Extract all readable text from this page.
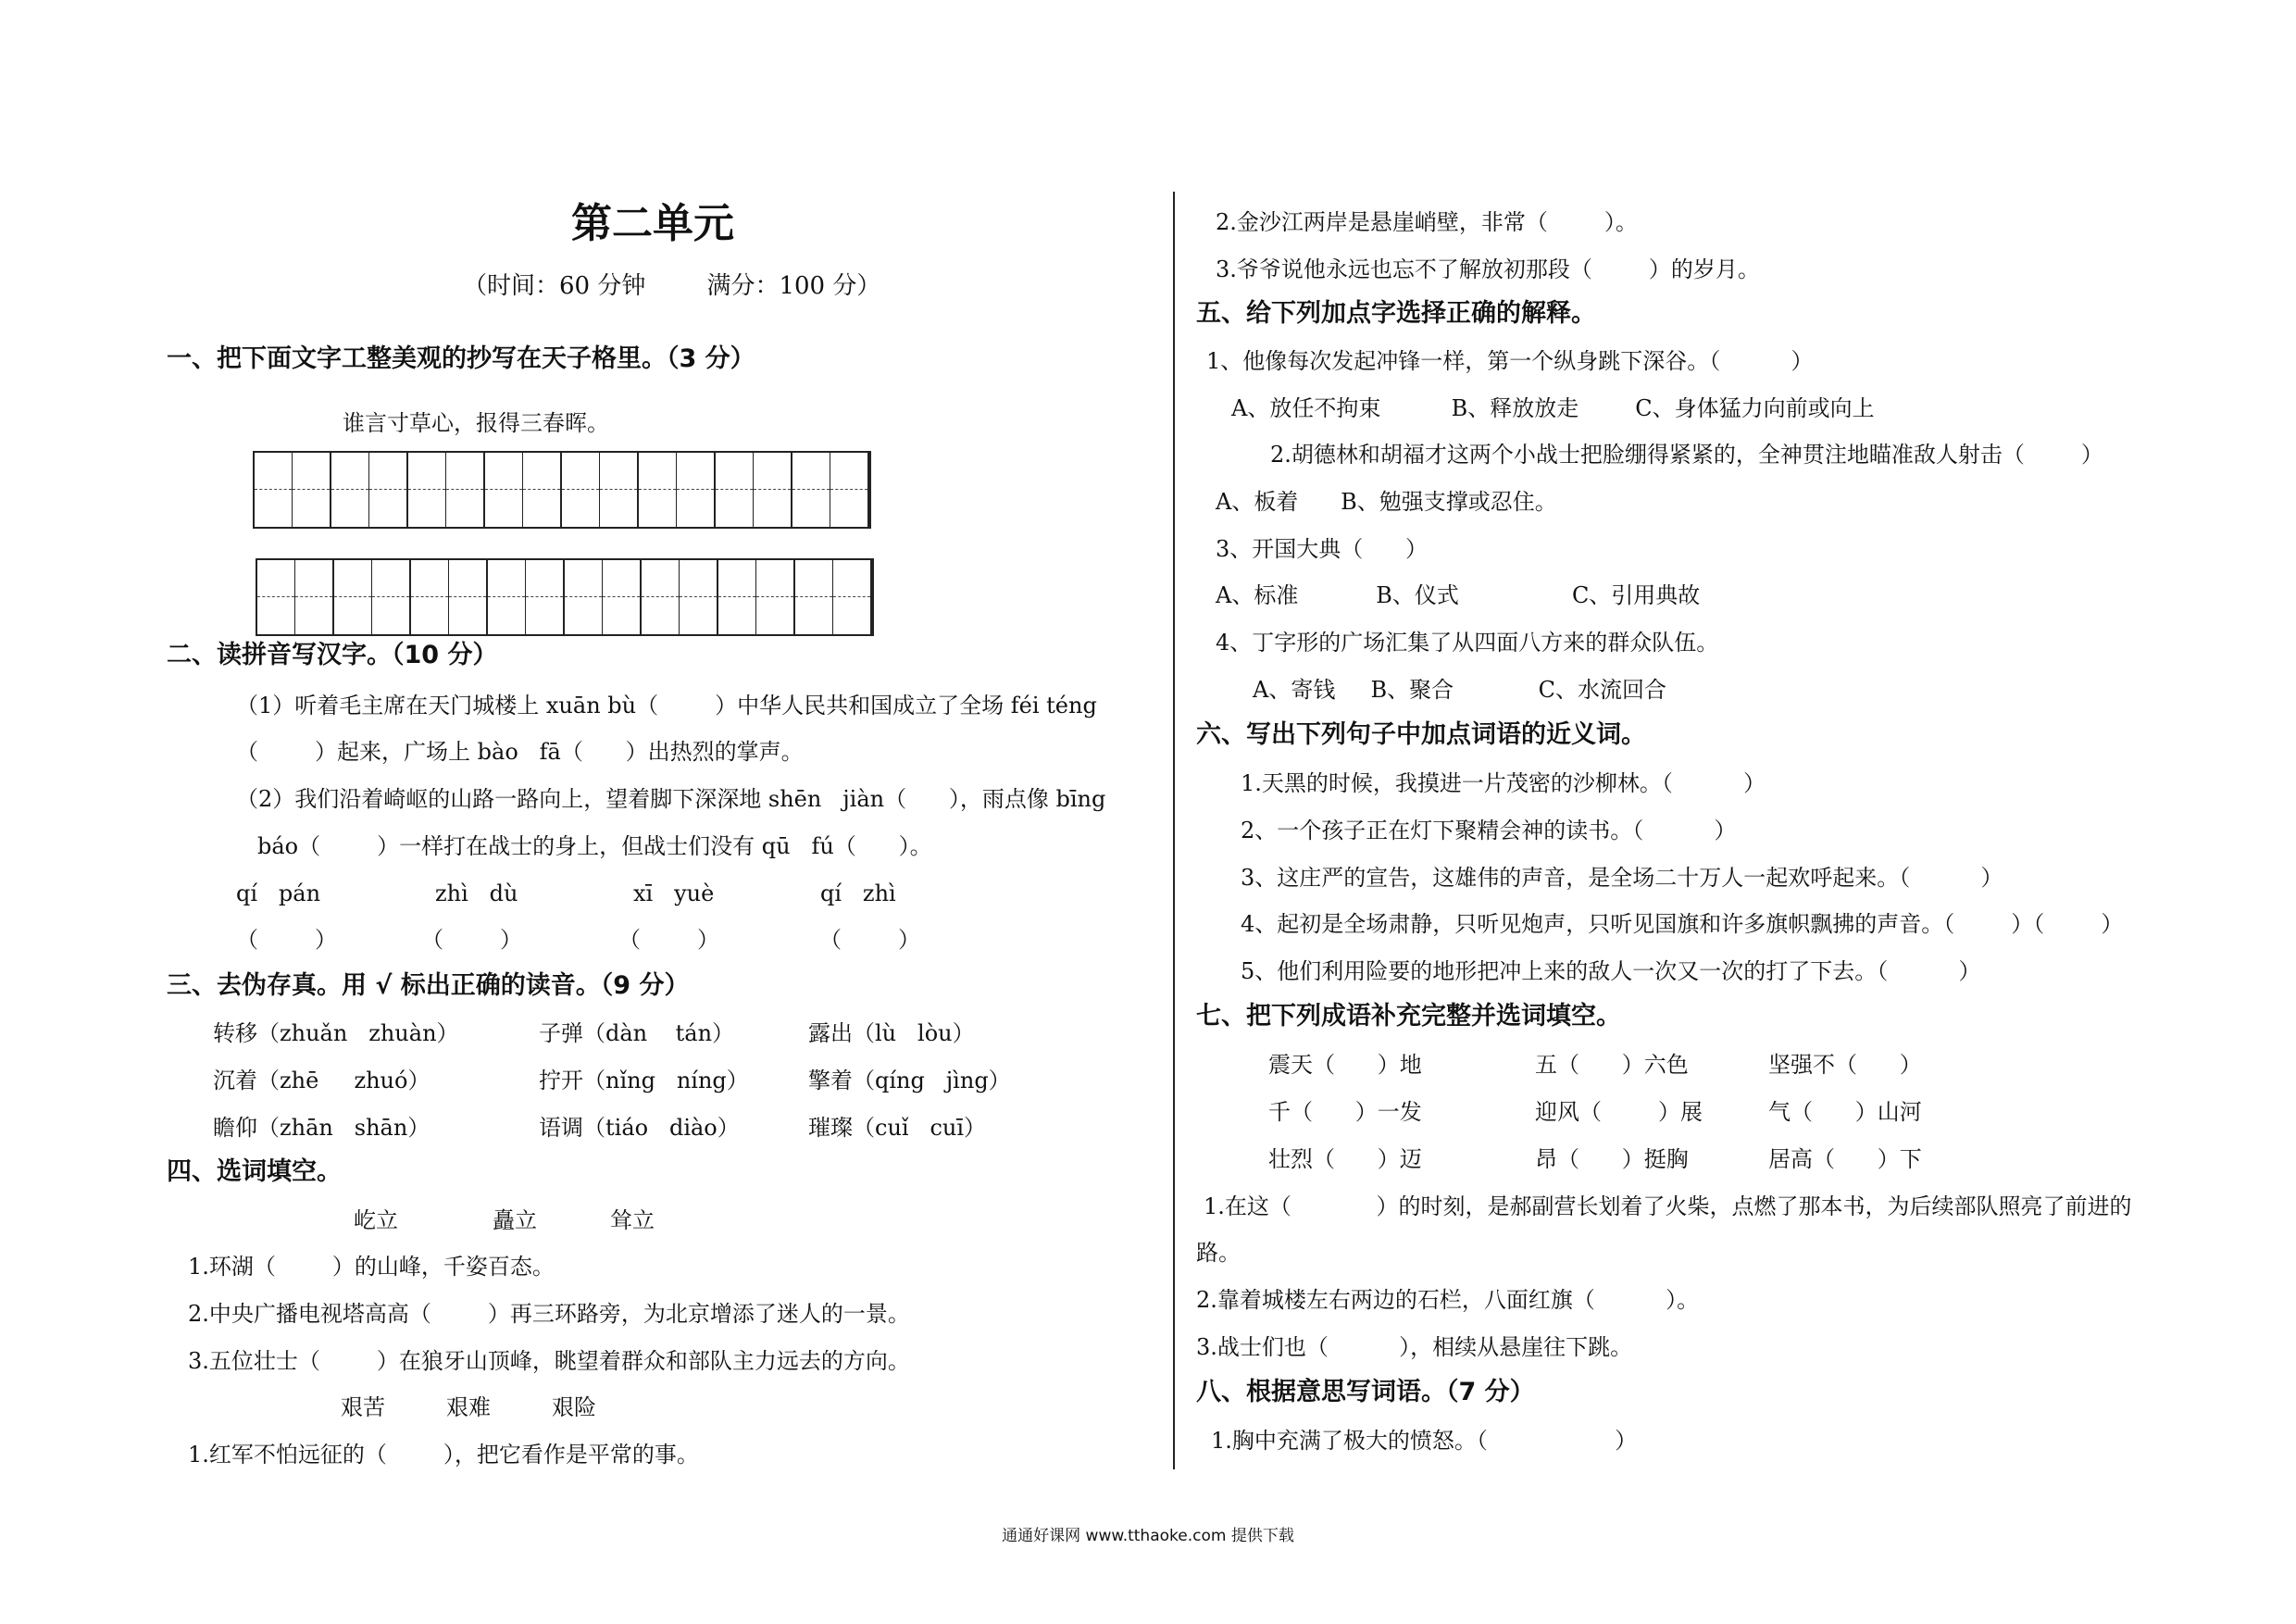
第二单元
（时间：60 分钟        满分：100 分）
一、把下面文字工整美观的抄写在天子格里。（3 分）
谁言寸草心，报得三春晖。
二、读拼音写汉字。（10 分）
（1）听着毛主席在天门城楼上 xuān bù（        ）中华人民共和国成立了全场 féi téng
（        ）起来，广场上 bào   fā（      ）出热烈的掌声。
（2）我们沿着崎岖的山路一路向上，望着脚下深深地 shēn   jiàn（      ），雨点像 bīng
báo（        ）一样打在战士的身上，但战士们没有 qū   fú（      ）。
qí   pán	zhì   dù	xī   yuè	qí   zhì
（        ）	（        ）	（        ）	（        ）
三、去伪存真。用 √ 标出正确的读音。（9 分）
转移（zhuǎn   zhuàn）	子弹（dàn    tán）	露出（lù   lòu）
沉着（zhē     zhuó）	拧开（nǐng   níng）	擎着（qíng   jìng）
瞻仰（zhān   shān）	语调（tiáo   diào）	璀璨（cuǐ   cuī）
四、选词填空。
屹立	矗立	耸立
1.环湖（        ）的山峰，千姿百态。
2.中央广播电视塔高高（        ）再三环路旁，为北京增添了迷人的一景。
3.五位壮士（        ）在狼牙山顶峰，眺望着群众和部队主力远去的方向。
艰苦	艰难	艰险
1.红军不怕远征的（        ），把它看作是平常的事。
2.金沙江两岸是悬崖峭壁，非常（        ）。
3.爷爷说他永远也忘不了解放初那段（        ）的岁月。
五、给下列加点字选择正确的解释。
1、他像每次发起冲锋一样，第一个纵身跳下深谷。（          ）
A、放任不拘束          B、释放放走        C、身体猛力向前或向上
2.胡德林和胡福才这两个小战士把脸绷得紧紧的，全神贯注地瞄准敌人射击（        ）
A、板着      B、勉强支撑或忍住。
3、开国大典（      ）
A、标准           B、仪式                C、引用典故
4、丁字形的广场汇集了从四面八方来的群众队伍。
A、寄钱     B、聚合            C、水流回合
六、写出下列句子中加点词语的近义词。
1.天黑的时候，我摸进一片茂密的沙柳林。（          ）
2、一个孩子正在灯下聚精会神的读书。（          ）
3、这庄严的宣告，这雄伟的声音，是全场二十万人一起欢呼起来。（          ）
4、起初是全场肃静，只听见炮声，只听见国旗和许多旗帜飘拂的声音。（        ）（        ）
5、他们利用险要的地形把冲上来的敌人一次又一次的打了下去。（          ）
七、把下列成语补充完整并选词填空。
震天（      ）地	五（      ）六色	坚强不（      ）
千（      ）一发	迎风（        ）展	气（      ）山河
壮烈（      ）迈	昂（      ）挺胸	居高（      ）下
1.在这（            ）的时刻，是郝副营长划着了火柴，点燃了那本书，为后续部队照亮了前进的
路。
2.靠着城楼左右两边的石栏，八面红旗（          ）。
3.战士们也（          ），相续从悬崖往下跳。
八、根据意思写词语。（7 分）
1.胸中充满了极大的愤怒。（                  ）
通通好课网 www.tthaoke.com 提供下载
